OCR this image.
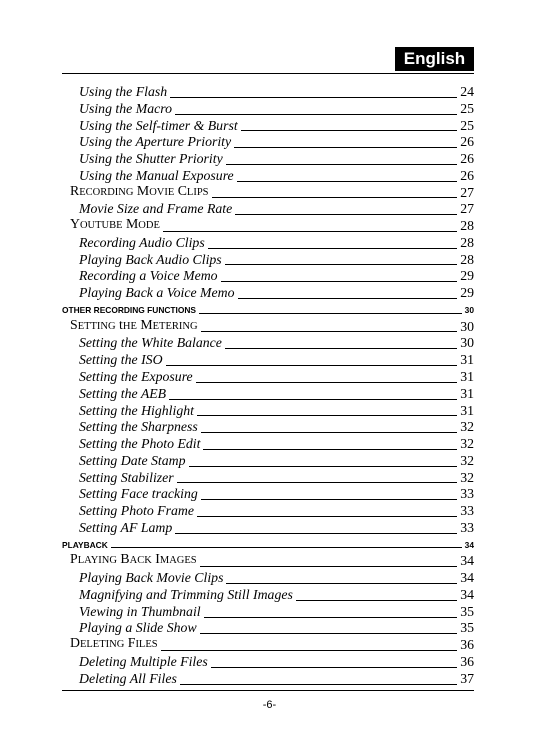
English
Using the Flash	24
Using the Macro	25
Using the Self-timer & Burst	25
Using the Aperture Priority	26
Using the Shutter Priority	26
Using the Manual Exposure	26
RECORDING MOVIE CLIPS	27
Movie Size and Frame Rate	27
YOUTUBE MODE	28
Recording Audio Clips	28
Playing Back Audio Clips	28
Recording a Voice Memo	29
Playing Back a Voice Memo	29
OTHER RECORDING FUNCTIONS	30
SETTING tHE METERING	30
Setting the White Balance	30
Setting the ISO	31
Setting the Exposure	31
Setting the AEB	31
Setting the Highlight	31
Setting the Sharpness	32
Setting the Photo Edit	32
Setting Date Stamp	32
Setting Stabilizer	32
Setting Face tracking	33
Setting Photo Frame	33
Setting AF Lamp	33
PLAYBACK	34
PLAYING BACK IMAGES	34
Playing Back Movie Clips	34
Magnifying and Trimming Still Images	34
Viewing in Thumbnail	35
Playing a Slide Show	35
DELETING FILES	36
Deleting Multiple Files	36
Deleting All Files	37
-6-
